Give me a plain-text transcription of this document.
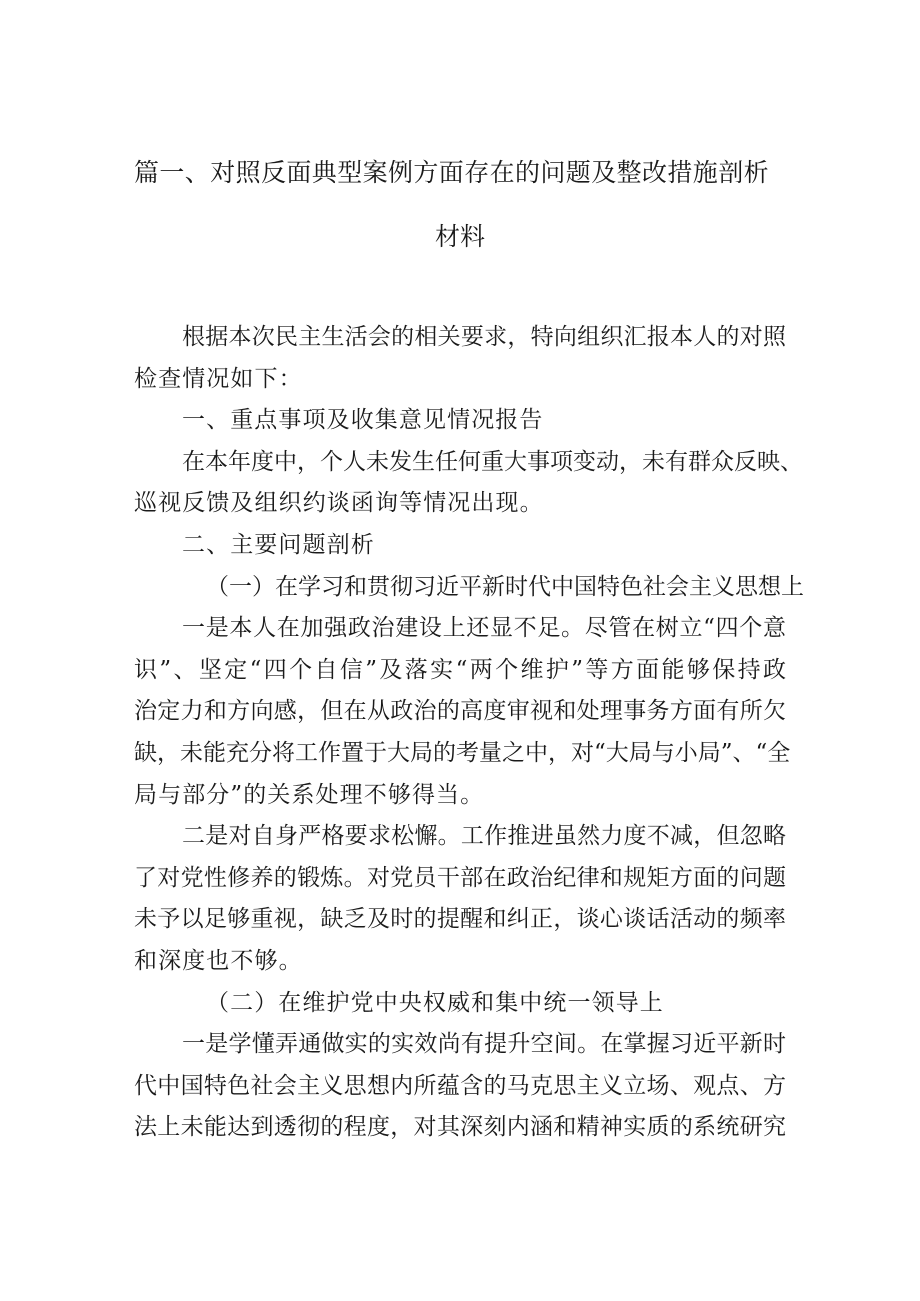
篇一、对照反面典型案例方面存在的问题及整改措施剖析
材料
根据本次民主生活会的相关要求，特向组织汇报本人的对照
检查情况如下：
一、重点事项及收集意见情况报告
在本年度中，个人未发生任何重大事项变动，未有群众反映、
巡视反馈及组织约谈函询等情况出现。
二、主要问题剖析
（一）在学习和贯彻习近平新时代中国特色社会主义思想上
一是本人在加强政治建设上还显不足。尽管在树立“四个意
识”、坚定“四个自信”及落实“两个维护”等方面能够保持政
治定力和方向感，但在从政治的高度审视和处理事务方面有所欠
缺，未能充分将工作置于大局的考量之中，对“大局与小局”、“全
局与部分”的关系处理不够得当。
二是对自身严格要求松懈。工作推进虽然力度不减，但忽略
了对党性修养的锻炼。对党员干部在政治纪律和规矩方面的问题
未予以足够重视，缺乏及时的提醒和纠正，谈心谈话活动的频率
和深度也不够。
（二）在维护党中央权威和集中统一领导上
一是学懂弄通做实的实效尚有提升空间。在掌握习近平新时
代中国特色社会主义思想内所蕴含的马克思主义立场、观点、方
法上未能达到透彻的程度，对其深刻内涵和精神实质的系统研究
